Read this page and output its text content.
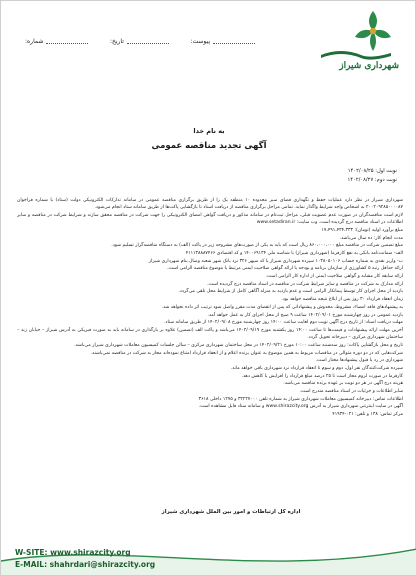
شماره:	تاریخ:	پیوست:
شهرداری شیراز
به نام خدا
آگهی تجدید مناقصه عمومی
نوبت اول: ۱۴۰۲/۰۸/۲۵
نوبت دوم: ۱۴۰۲/۰۸/۲۷

شهرداری شیراز در نظر دارد عملیات حفظ و نگهداری فضای سبز محدوده ۱۰ منطقه یک را از طریق برگزاری مناقصه عمومی در سامانه تدارکات الکترونیکی دولت (ستاد) با شماره فراخوان ۲۰۰۲۰۹۲۸۵۰۰۰۰۸۷ به اشخاص واجد شرایط واگذار نماید. تمامی مراحل برگزاری مناقصه از دریافت اسناد تا بازگشایی پاکت‌ها از طریق سامانه ستاد انجام می‌شود.

لازم است مناقصه‌گران در صورت عدم عضویت قبلی، مراحل ثبت‌نام در سامانه مذکور و دریافت گواهی امضای الکترونیکی را جهت شرکت در مناقصه محقق سازند و شرایط شرکت در مناقصه و سایر اطلاعات در اسناد مناقصه درج گردیده است. وب سایت: www.setadiran.ir

مبلغ برآورد اولیه (تومان): ۱۷،۴۹۱،۴۳۴،۳۳۳

مدت انجام کار: ده سال می‌باشد.

مبلغ تضمین شرکت در مناقصه مبلغ ۸۶۰،۰۰۰،۰۰۰ ریال است که باید به یکی از صورت‌های مشروحه زیر در پاکت (الف) به دستگاه مناقصه‌گزار تسلیم شود.

الف- ضمانت‌نامه بانکی به نفع کارفرما (شهرداری شیراز) با شناسه ملی ۱۴۰۰۶۹۱۳۴ و کد اقتصادی ۴۱۱۱۳۸۸۸۷۴۶۶

ب- واریز نقدی به شماره حساب ۱۰۳۸۰۵۰۱۰۶ سپرده شهرداری شیراز با کد سپهر ۳۲۶ نزد بانک شهر شعبه وصال بنام شهرداری شیراز

ارائه حداقل رتبه ۵ کشاورزی از سازمان برنامه و بودجه یا ارائه گواهی صلاحیت ایمنی مرتبط با موضوع مناقصه الزامی است.

ارائه سابقه کار مشابه و گواهی صلاحیت ایمنی از اداره کار الزامی است.

ارائه مدارک به شرکت در مناقصه و سایر شرایط شرکت در مناقصه در اسناد مناقصه درج گردیده است.

بازدید از محل اجرای کار توسط پیمانکار الزامی است و عدم بازدید به منزله آگاهی کامل از شرایط محل تلقی می‌گردد.

زمان انعقاد قرارداد ۳۰ روز پس از ابلاغ نتیجه مناقصه خواهد بود.

به پیشنهادهای فاقد امضاء، مشروط، مخدوش و پیشنهاداتی که پس از انقضای مدت مقرر واصل شود ترتیب اثر داده نخواهد شد.

بازدید عمومی در روز چهارشنبه مورخ ۱۴۰۲/۰۹/۰۱ ساعت ۹ صبح از محل اجرای کار به عمل خواهد آمد.

مهلت دریافت اسناد: از تاریخ درج آگهی نوبت دوم لغایت ساعت ۱۴:۰۰ روز چهارشنبه مورخ ۱۴۰۲/۰۹/۰۸ از طریق سامانه ستاد.

آخرین مهلت ارائه پیشنهادات و قیمت‌ها تا ساعت ۱۴:۰۰ روز یکشنبه مورخ ۱۴۰۲/۰۹/۱۹ می‌باشد و پاکت الف (تضمین) علاوه بر بارگذاری در سامانه باید به صورت فیزیکی به آدرس شیراز – خیابان زند – ساختمان شهرداری مرکزی – دبیرخانه تحویل گردد.

تاریخ و محل بازگشایی پاکات: روز سه‌شنبه ساعت ۱۰:۰۰ مورخ ۱۴۰۲/۰۹/۲۱ در محل ساختمان شهرداری مرکزی – سالن جلسات کمیسیون معاملات شهرداری شیراز می‌باشد.

شرکت‌هایی که در دو دوره متوالی در مناقصات مربوط به همین موضوع به عنوان برنده اعلام و از انعقاد قرارداد امتناع نموده‌اند مجاز به شرکت در مناقصه نمی‌باشند.

شهرداری در رد یا قبول پیشنهادها مختار است.

سپرده شرکت‌کنندگان نفر اول، دوم و سوم تا انعقاد قرارداد نزد شهرداری باقی خواهد ماند.

کارفرما در صورت لزوم مجاز است تا ۲۵ درصد مبلغ قرارداد را افزایش یا کاهش دهد.

هزینه درج آگهی در هر دو نوبت بر عهده برنده مناقصه می‌باشد.

سایر اطلاعات و جزئیات در اسناد مناقصه مندرج است.

اطلاعات تماس: دبیرخانه کمیسیون معاملات شهرداری شیراز به شماره تلفن ۳۲۲۲۷۰۰۰ و ۱۲۷۵ داخلی ۳۶۱۸

آگهی در سایت اینترنتی شهرداری شیراز به آدرس www.shirazcity.org و سامانه ستاد قابل مشاهده است.

مرکز تماس: ۱۳۸ و تلفن: ۰۲۱-۴۱۹۳۴

اداره کل ارتباطات و امور بین الملل شهرداری شیراز
W-SITE: www.shirazcity.org
E-MAIL: shahrdari@shirazcity.org
